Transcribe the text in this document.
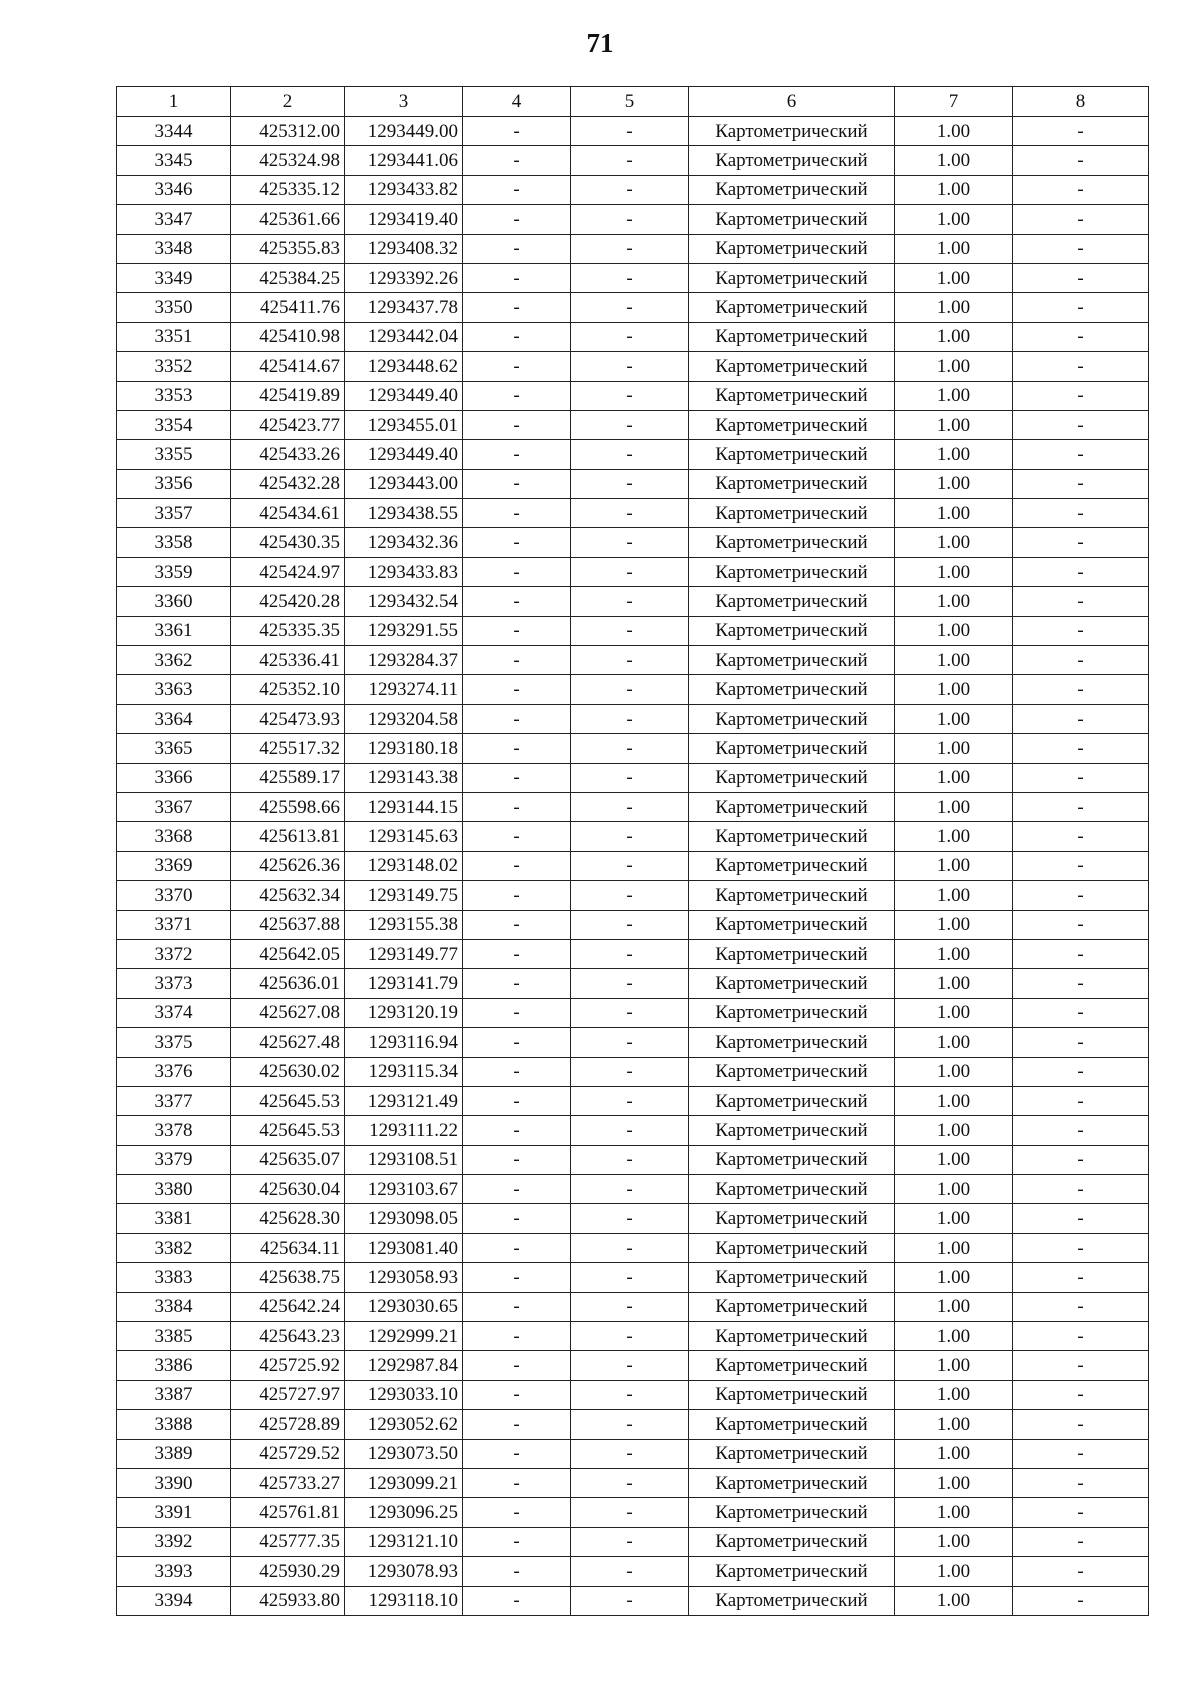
71
1	2	3	4	5	6	7	8
3344	425312.00	1293449.00	-	-	Картометрический	1.00	-
3345	425324.98	1293441.06	-	-	Картометрический	1.00	-
3346	425335.12	1293433.82	-	-	Картометрический	1.00	-
3347	425361.66	1293419.40	-	-	Картометрический	1.00	-
3348	425355.83	1293408.32	-	-	Картометрический	1.00	-
3349	425384.25	1293392.26	-	-	Картометрический	1.00	-
3350	425411.76	1293437.78	-	-	Картометрический	1.00	-
3351	425410.98	1293442.04	-	-	Картометрический	1.00	-
3352	425414.67	1293448.62	-	-	Картометрический	1.00	-
3353	425419.89	1293449.40	-	-	Картометрический	1.00	-
3354	425423.77	1293455.01	-	-	Картометрический	1.00	-
3355	425433.26	1293449.40	-	-	Картометрический	1.00	-
3356	425432.28	1293443.00	-	-	Картометрический	1.00	-
3357	425434.61	1293438.55	-	-	Картометрический	1.00	-
3358	425430.35	1293432.36	-	-	Картометрический	1.00	-
3359	425424.97	1293433.83	-	-	Картометрический	1.00	-
3360	425420.28	1293432.54	-	-	Картометрический	1.00	-
3361	425335.35	1293291.55	-	-	Картометрический	1.00	-
3362	425336.41	1293284.37	-	-	Картометрический	1.00	-
3363	425352.10	1293274.11	-	-	Картометрический	1.00	-
3364	425473.93	1293204.58	-	-	Картометрический	1.00	-
3365	425517.32	1293180.18	-	-	Картометрический	1.00	-
3366	425589.17	1293143.38	-	-	Картометрический	1.00	-
3367	425598.66	1293144.15	-	-	Картометрический	1.00	-
3368	425613.81	1293145.63	-	-	Картометрический	1.00	-
3369	425626.36	1293148.02	-	-	Картометрический	1.00	-
3370	425632.34	1293149.75	-	-	Картометрический	1.00	-
3371	425637.88	1293155.38	-	-	Картометрический	1.00	-
3372	425642.05	1293149.77	-	-	Картометрический	1.00	-
3373	425636.01	1293141.79	-	-	Картометрический	1.00	-
3374	425627.08	1293120.19	-	-	Картометрический	1.00	-
3375	425627.48	1293116.94	-	-	Картометрический	1.00	-
3376	425630.02	1293115.34	-	-	Картометрический	1.00	-
3377	425645.53	1293121.49	-	-	Картометрический	1.00	-
3378	425645.53	1293111.22	-	-	Картометрический	1.00	-
3379	425635.07	1293108.51	-	-	Картометрический	1.00	-
3380	425630.04	1293103.67	-	-	Картометрический	1.00	-
3381	425628.30	1293098.05	-	-	Картометрический	1.00	-
3382	425634.11	1293081.40	-	-	Картометрический	1.00	-
3383	425638.75	1293058.93	-	-	Картометрический	1.00	-
3384	425642.24	1293030.65	-	-	Картометрический	1.00	-
3385	425643.23	1292999.21	-	-	Картометрический	1.00	-
3386	425725.92	1292987.84	-	-	Картометрический	1.00	-
3387	425727.97	1293033.10	-	-	Картометрический	1.00	-
3388	425728.89	1293052.62	-	-	Картометрический	1.00	-
3389	425729.52	1293073.50	-	-	Картометрический	1.00	-
3390	425733.27	1293099.21	-	-	Картометрический	1.00	-
3391	425761.81	1293096.25	-	-	Картометрический	1.00	-
3392	425777.35	1293121.10	-	-	Картометрический	1.00	-
3393	425930.29	1293078.93	-	-	Картометрический	1.00	-
3394	425933.80	1293118.10	-	-	Картометрический	1.00	-
